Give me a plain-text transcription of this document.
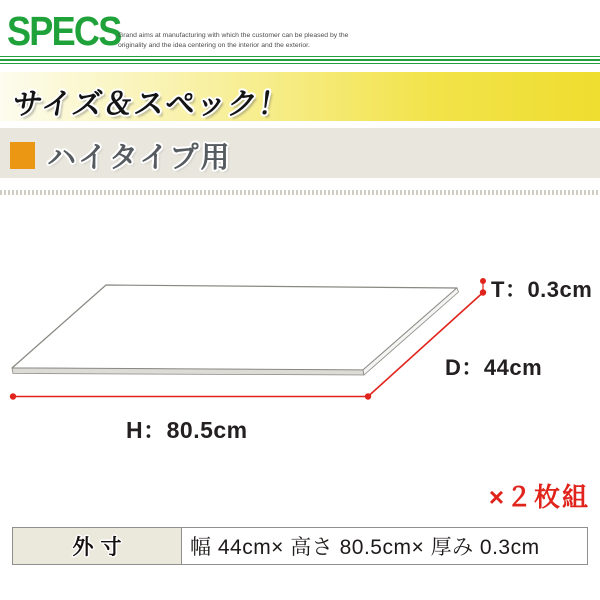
SPECS
Grand aims at manufacturing with which the customer can be pleased by the
originality and the idea centering on the interior and the exterior.
サイズ＆スペック！
ハイタイプ用
T：0.3cm
D：44cm
H：80.5cm
×２枚組
外寸	幅 44cm× 高さ 80.5cm× 厚み 0.3cm
